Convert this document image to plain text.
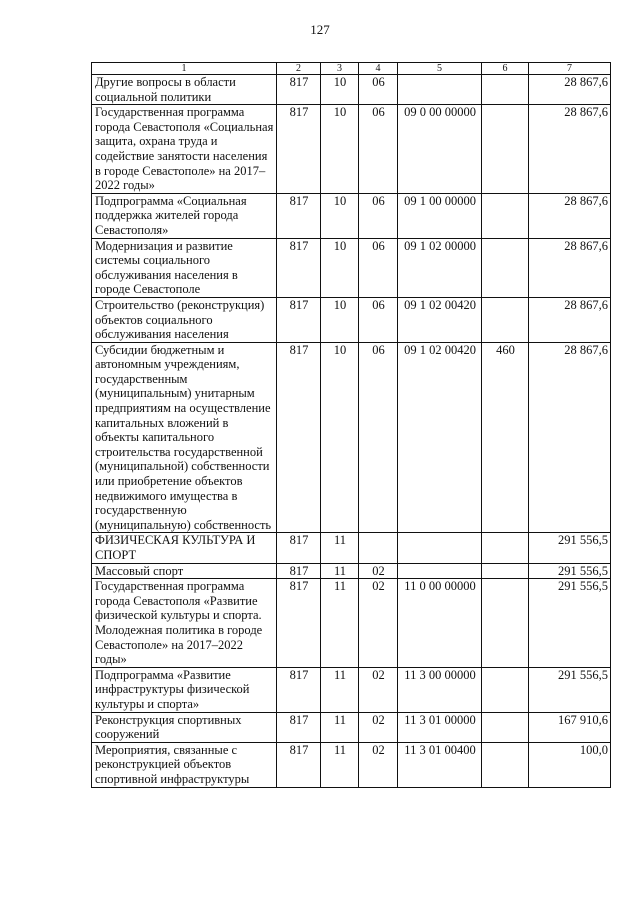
127
1	2	3	4	5	6	7
Другие вопросы в области социальной политики	817	10	06			28 867,6
Государственная программа города Севастополя «Социальная защита, охрана труда и содействие занятости населения в городе Севастополе» на 2017–2022 годы»	817	10	06	09 0 00 00000		28 867,6
Подпрограмма «Социальная поддержка жителей города Севастополя»	817	10	06	09 1 00 00000		28 867,6
Модернизация и развитие системы социального обслуживания населения в городе Севастополе	817	10	06	09 1 02 00000		28 867,6
Строительство (реконструкция) объектов социального обслуживания населения	817	10	06	09 1 02 00420		28 867,6
Субсидии бюджетным и автономным учреждениям, государственным (муниципальным) унитарным предприятиям на осуществление капитальных вложений в объекты капитального строительства государственной (муниципальной) собственности или приобретение объектов недвижимого имущества в государственную (муниципальную) собственность	817	10	06	09 1 02 00420	460	28 867,6
ФИЗИЧЕСКАЯ КУЛЬТУРА И СПОРТ	817	11				291 556,5
Массовый спорт	817	11	02			291 556,5
Государственная программа города Севастополя «Развитие физической культуры и спорта. Молодежная политика в городе Севастополе» на 2017–2022 годы»	817	11	02	11 0 00 00000		291 556,5
Подпрограмма «Развитие инфраструктуры физической культуры и спорта»	817	11	02	11 3 00 00000		291 556,5
Реконструкция спортивных сооружений	817	11	02	11 3 01 00000		167 910,6
Мероприятия, связанные с реконструкцией объектов спортивной инфраструктуры	817	11	02	11 3 01 00400		100,0
